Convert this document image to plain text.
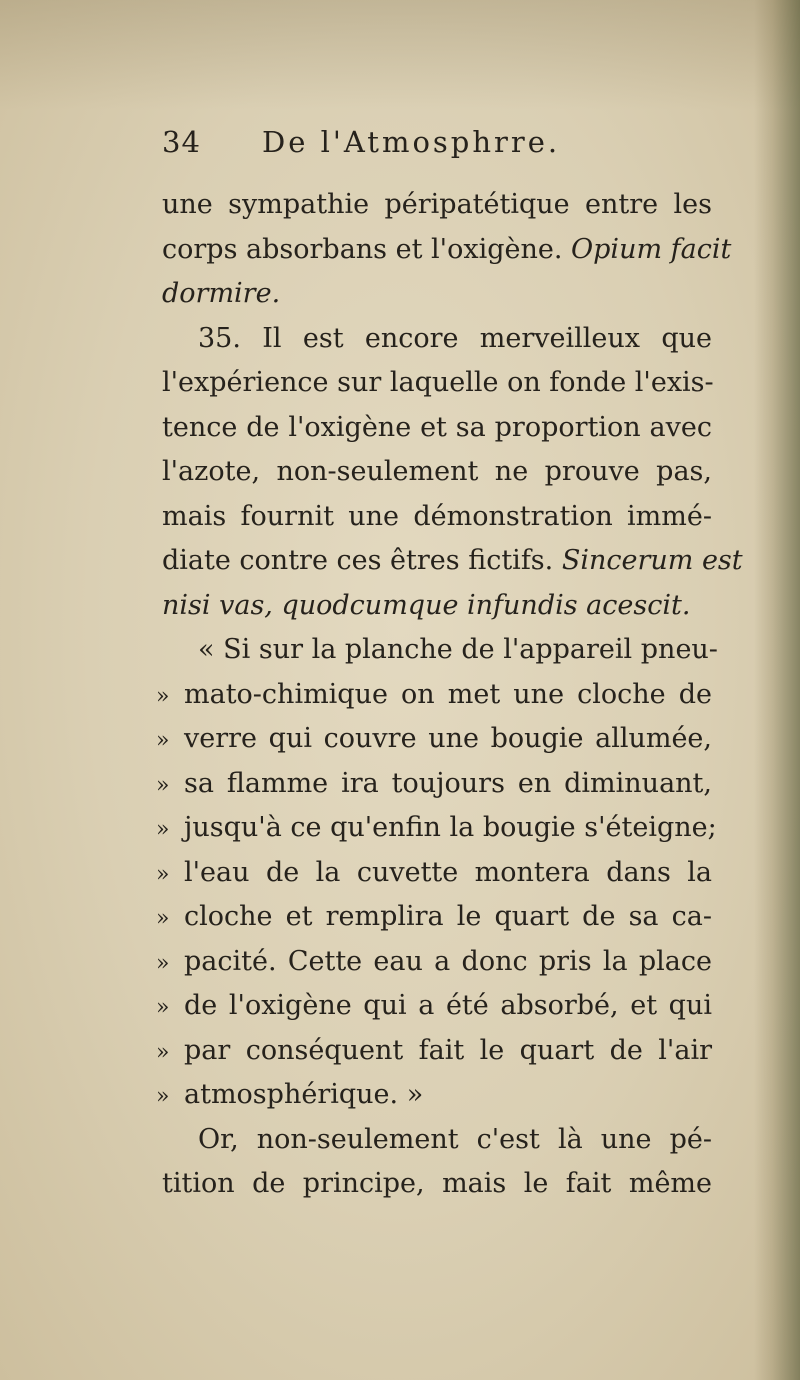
34	De l'Atmosphrre.
une sympathie péripatétique entre les
corps absorbans et l'oxigène. Opium facit
dormire.
35. Il est encore merveilleux que
l'expérience sur laquelle on fonde l'exis-
tence de l'oxigène et sa proportion avec
l'azote, non-seulement ne prouve pas,
mais fournit une démonstration immé-
diate contre ces êtres fictifs. Sincerum est
nisi vas, quodcumque infundis acescit.
« Si sur la planche de l'appareil pneu-
» mato-chimique on met une cloche de
» verre qui couvre une bougie allumée,
» sa flamme ira toujours en diminuant,
» jusqu'à ce qu'enfin la bougie s'éteigne;
» l'eau de la cuvette montera dans la
» cloche et remplira le quart de sa ca-
» pacité. Cette eau a donc pris la place
» de l'oxigène qui a été absorbé, et qui
» par conséquent fait le quart de l'air
» atmosphérique. »
Or, non-seulement c'est là une pé-
tition de principe, mais le fait même
